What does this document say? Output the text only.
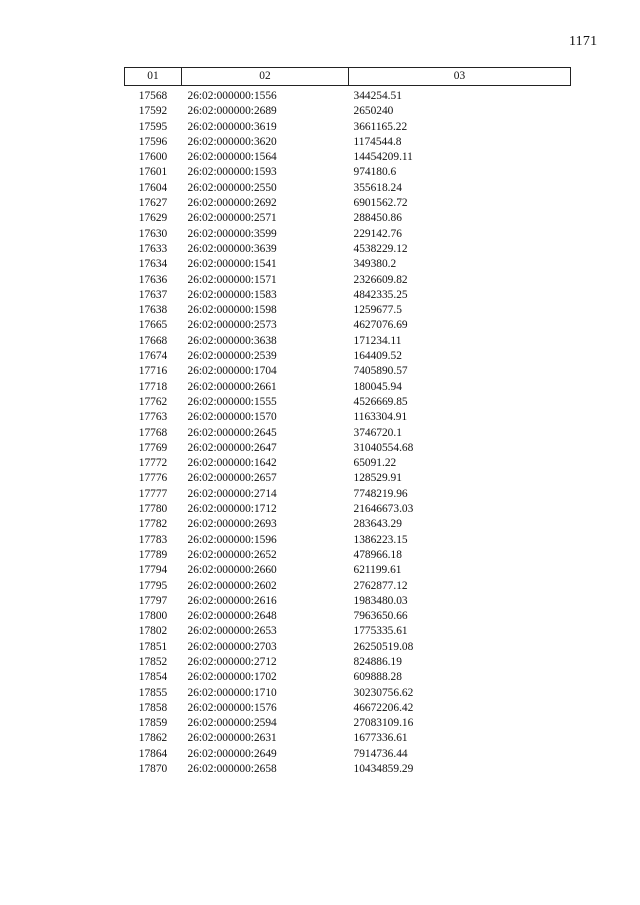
1171
01	02	03
17568	26:02:000000:1556	344254.51
17592	26:02:000000:2689	2650240
17595	26:02:000000:3619	3661165.22
17596	26:02:000000:3620	1174544.8
17600	26:02:000000:1564	14454209.11
17601	26:02:000000:1593	974180.6
17604	26:02:000000:2550	355618.24
17627	26:02:000000:2692	6901562.72
17629	26:02:000000:2571	288450.86
17630	26:02:000000:3599	229142.76
17633	26:02:000000:3639	4538229.12
17634	26:02:000000:1541	349380.2
17636	26:02:000000:1571	2326609.82
17637	26:02:000000:1583	4842335.25
17638	26:02:000000:1598	1259677.5
17665	26:02:000000:2573	4627076.69
17668	26:02:000000:3638	171234.11
17674	26:02:000000:2539	164409.52
17716	26:02:000000:1704	7405890.57
17718	26:02:000000:2661	180045.94
17762	26:02:000000:1555	4526669.85
17763	26:02:000000:1570	1163304.91
17768	26:02:000000:2645	3746720.1
17769	26:02:000000:2647	31040554.68
17772	26:02:000000:1642	65091.22
17776	26:02:000000:2657	128529.91
17777	26:02:000000:2714	7748219.96
17780	26:02:000000:1712	21646673.03
17782	26:02:000000:2693	283643.29
17783	26:02:000000:1596	1386223.15
17789	26:02:000000:2652	478966.18
17794	26:02:000000:2660	621199.61
17795	26:02:000000:2602	2762877.12
17797	26:02:000000:2616	1983480.03
17800	26:02:000000:2648	7963650.66
17802	26:02:000000:2653	1775335.61
17851	26:02:000000:2703	26250519.08
17852	26:02:000000:2712	824886.19
17854	26:02:000000:1702	609888.28
17855	26:02:000000:1710	30230756.62
17858	26:02:000000:1576	46672206.42
17859	26:02:000000:2594	27083109.16
17862	26:02:000000:2631	1677336.61
17864	26:02:000000:2649	7914736.44
17870	26:02:000000:2658	10434859.29
